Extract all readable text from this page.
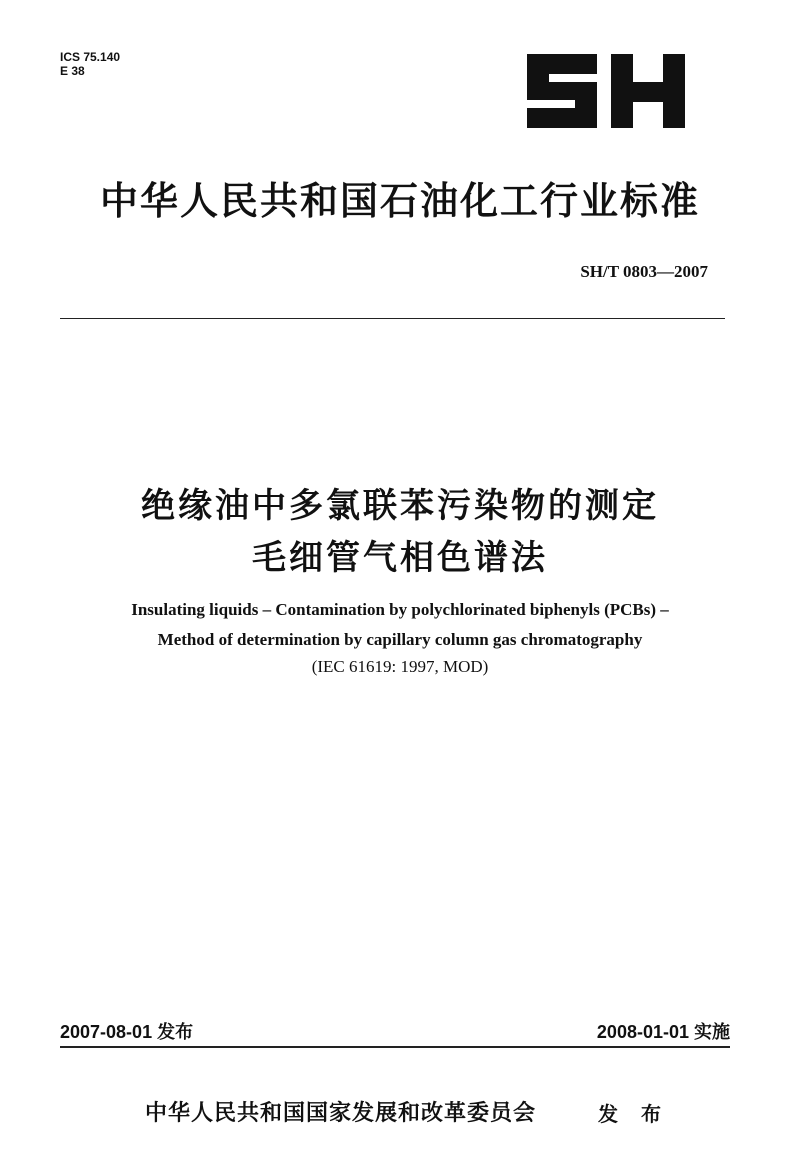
ICS 75.140
E 38
中华人民共和国石油化工行业标准
SH/T 0803—2007
绝缘油中多氯联苯污染物的测定
毛细管气相色谱法
Insulating liquids – Contamination by polychlorinated biphenyls (PCBs) –
Method of determination by capillary column gas chromatography
(IEC 61619: 1997, MOD)
2007-08-01 发布	2008-01-01 实施
中华人民共和国国家发展和改革委员会	发 布
